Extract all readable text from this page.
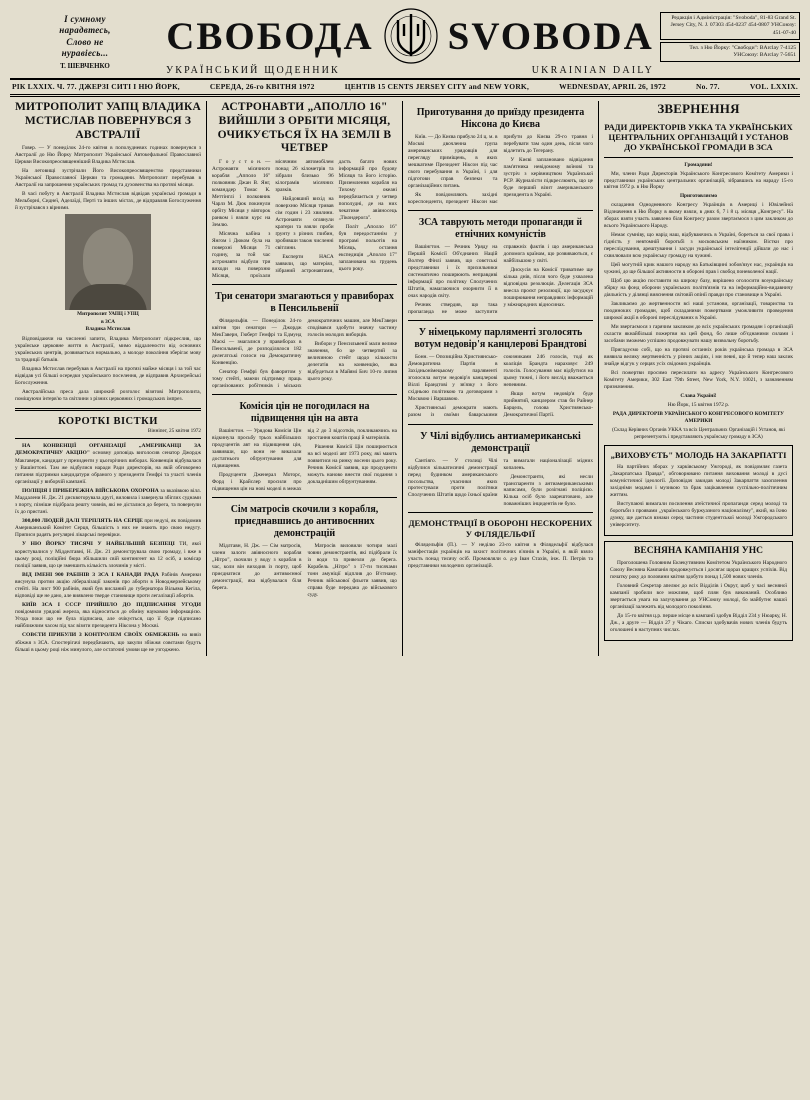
І сумному
нарадвтесь,
Слово не
нуравіесь...
Т. ШЕВЧЕНКО
СВОБОДА SVOBODA
УКРАЇНСЬКИЙ ЩОДЕННИК	UKRAINIAN DAILY
Редакція і Адміністрація: "Svoboda", 81-83 Grand St. Jersey City, N. J. 07303 454-0237 454-0807 УНСоюзу: 451-07-40
Тел. з Ню Йорку: "Свободи": BArclay 7-4125 УНСоюзу: BArclay 7-5651
РІК LXXIX. Ч. 77. ДЖЕРЗІ СИТІ І НЮ ЙОРК,	СЕРЕДА, 26-го КВІТНЯ 1972	ЦЕНТІВ 15 CENTS JERSEY CITY and NEW YORK,	WEDNESDAY, APRIL 26, 1972	No. 77.	VOL. LXXIX.
МИТРОПОЛИТ УАПЦ ВЛАДИКА МСТИСЛАВ ПОВЕРНУВСЯ З АВСТРАЛІЇ

Говер. — У понеділок 24-го квітня в пополудневих годинах повернувся з Австралії до Ню Йорку Митрополит Української Автокефальної Православної Церкви Високопреосвященніший Владика Мстислав.

На летовищі зустрічали Його Високопреосвященство представники Української Православної Церкви та громадяни. Митрополит перебував в Австралії на запрошення українських громад та духовенства на протязі місяця.

В часі побуту в Австралії Владика Мстислав відвідав українські громади в Мельборні, Сиднеї, Аделаїді, Перті та інших містах, де відправляв Богослуження й зустрічався з вірними.

Митрополит УАПЦ і УПЦ
в ЗСА
Владика Мстислав

Відповідаючи на численні запити, Владика Митрополит підкреслив, що українське церковне життя в Австралії, мимо віддалености від основних українських центрів, розвивається нормально, а молоде покоління зберігає мову та традиції батьків.

Владика Мстислав перебував в Австралії на протязі майже місяця і за той час відвідав усі більші осередки українського поселення, де відправив Архиєрейські Богослуження.

Австралійська преса дала широкий розголос візитові Митрополита, поміщуючи інтерв'ю та світлини з різних церковних і громадських імпрез.

КОРОТКІ ВІСТКИ
Вінніпег, 25 квітня 1972

НА КОНВЕНЦІЇ ОРГАНІЗАЦІЇ „АМЕРИКАНЦІ ЗА ДЕМОКРАТИЧНУ АКЦІЮ" основну доповідь виголосив сенатор Джордж Макгаверн, кандидат у президенти у цьогорічних виборах. Конвенція відбувалася у Вашінгтоні. Там же відбулися наради Ради директорів, на якій обговорено питання підтримки кандидатури обраного у президенти Гемфрі та участі членів організації у виборчій кампанії.

ПОЛІЦІЯ І ПРИБЕРЕЖНА ВІЙСЬКОВА ОХОРОНА за вказівкою вілл. Маддалени Н. Дж. 21 дисквоторувала другі, виловила і завернула збіглих суднами з порту, пізніше підібрала решту човнів, які не дісталися до берега, та повернули їх до пристані.

300,000 ЛЮДЕЙ ДАЛІ ТЕРПЛЯТЬ НА СЕРЦЕ при недузі, як повідомив Американський Комітет Серця, більшість з них не знають про свою недугу. Приписи радять регулярні лікарські перевірки.

У НЮ ЙОРКУ ТИСЯЧІ У НАЙБІЛЬШІЙ БЕЗПЕЦІ ТИ, якої користувалися у Мідделтавні, Н. Дж. 21 демонструвала свою громаду, і вже в цьому році, поліційні бюра збільшили свій контингент на 12 осіб, а комісар поліції заявив, що це зменшить кількість злочинів у місті.

ВІД ІМЕНІ 900 РАБІНІВ З ЗСА І КАНАДИ РАДА Рабінів Америки висунула протии акцію лібералізації законів про аборти в Новоджерзейському стейті. На лист 900 рабінів, який був висланий до губернатора Вільяма Кегіла, відповіді ще не дано, але виявлено тверде становище проти легалізації абортів.

КИЇВ ЗСА І СССР ПРИЙШЛО ДО ПІДПИСАННЯ УГОДИ повідомили урядові жерела, яка відноситься до обміну науковою інформацією. Угода поки що не була підписана, але очікується, що її буде підписано найближчим часом під час візити президента Ніксона у Москві.

СОВЄТИ ПРИБУЛИ З КОНТРОЛЕМ СВОЇХ ОБМЕЖЕНЬ на вивіз збіжжя з ЗСА. Спостерігачі передбачають, що закупи збіжжя совєтами будуть більші в цьому році ніж минулого, але остаточні умови ще не узгоджено.

АСТРОНАВТИ „АПОЛЛО 16" ВИЙШЛИ З ОРБІТИ МІСЯЦЯ, ОЧИКУЄТЬСЯ ЇХ НА ЗЕМЛІ В ЧЕТВЕР

Г о у с т о н. — Астронавти місячного корабля „Апполо 16" полковник Джан В. Янг, команддер Томас К. Меттінглі і полковник Чарлз М. Дюк покинули орбіту Місяця у вівторок ранком і взяли курс на Землю.

Місячна кабіна з Янгом і Дюком була на поверхні Місяця 71 годину, за той час астронавти відбули три виходи на поверхню Місяця, проїхали місячним автомобілем понад 26 кілометрів та зібрали близько 96 кілограмів місячних зразків.

Найдовший вихід на поверхню Місяця тривав сім годин і 23 хвилини. Астронавти оглянули кратери та взяли проби ґрунту з різних глибин, зробивши також численні світлини.

Експерти НАСА заявили, що матеріял, зібраний астронавтами, дасть багато нових інформацій про будову Місяця та його історію. Приземлення корабля на Тихому океані передбачається у четвер пополудні, де на них чекатиме авіяносець „Тікондерога".

Політ „Аполло 16" був передостаннім у програмі польотів на Місяць, остання експедиція „Аполло 17" запланована на грудень цього року.

Три сенатори змагаються у правиборах в Пенсильвенії

Філядельфія. — Понеділок 24-го квітня три сенатори — Джордж МекГаверн, Гюберт Гемфрі та Едмунд Маскі — змагалися у правиборах в Пенсильвенії, де розподілялося 182 делегатські голоси на Демократичну Конвенцію.

Сенатор Гемфрі був фаворитом у тому стейті, маючи підтримку праць організованих робітників і міських демократичних машин, але МекГаверн сподівався здобути значну частину голосів молодих виборців.

Вибори у Пенсильвенії мали велике значення, бо це четвертий за величиною стейт щодо кількости делегатів на конвенцію, яка відбудеться в Майямі Бич 10-го липня цього року.

Комісія цін не погодилася на підвищення цін на авта

Вашінгтон. — Урядова Комісія Цін відкинула просьбу трьох найбільших продуцентів авт на підвищення цін, заявивши, що вони не виказали достатнього обґрунтування для підвищення.

Продуценти Дженерал Моторс, Форд і Крайслер просили про підвищення цін на нові моделі в межах від 2 до 3 відсотків, покликаючись на зростання коштів праці й матеріялів.

Рішення Комісії Цін поширюється на всі моделі авт 1973 року, які мають появитися на ринку восени цього року. Речник Комісії заявив, що продуценти можуть наново внести свої подання з докладнішим обґрунтуванням.

Сім матросів скочили з корабля, приєднавшись до антивоєнних демонстрацій

Мідлтавн, Н. Дж. — Сім матросів, члени залоги авіяносного корабля „Нітро", скочили у воду з корабля в час, коли він виходив із порту, щоб приєднатися до антивоєнної демонстрації, яка відбувалася біля берега.

Матросів виловили чотири малі човни демонстрантів, які підібрали їх із води та привезли до берега. Корабель „Нітро" з 17-ти тисячами тонн амуніції відплив до В'єтнаму. Речник військової фльоти заявив, що справа буде передана до військового суду.

Приготування до приїзду президента Ніксона до Києва

Київ. — До Києва прибуло 24 ц. м. в Москві двочленна група американських урядовців для перегляду приміщень, в яких мешкатиме Президент Ніксон під час свого перебування в Україні, і для підготови справ безпеки та організаційних питань.

Як повідомляють західні кореспонденти, президент Ніксон має прибути до Києва 29-го травня і перебувати там один день, після чого відлетить до Тегерану.

У Києві заплановано відвідання пам'ятника невідомому воїнові та зустріч з керівництвом Української РСР. Журналісти підкреслюють, що це буде перший візит американського президента в Україні.

ЗСА таврують методи пропаганди й етнічних комуністів

Вашінгтон. — Речник Уряду на Першій Комісії Об'єднаних Націй Волтер Фінлі заявив, що совєтські представники і їх прихильники систематично поширюють неправдиві інформації про політику Сполучених Штатів, намагаючися очорнити її в очах народів світу.

Речник ствердив, що така пропаганда не може заступити справжніх фактів і що американська допомога країнам, що розвиваються, є найбільшою у світі.

Дискусія на Комісії триватиме ще кілька днів, після чого буде ухвалена відповідна резолюція. Делегація ЗСА внесла проєкт резолюції, що засуджує поширювання неправдивих інформацій у міжнародних відносинах.

У німецькому парляменті зголосять вотум недовір'я канцлерові Брандтові

Бонн. — Опозиційна Християнсько-Демократична Партія в Західньонімецькому парляменті зголосила вотум недовір'я канцлерові Віллі Брандтові у зв'язку з його східньою політикою та договорами з Москвою і Варшавою.

Християнські демократи мають разом із своїми баварськими союзниками 246 голосів, тоді як коаліція Брандта нараховує 249 голосів. Голосування має відбутися на цьому тижні, і його вислід вважається непевним.

Якщо вотум недовір'я буде прийнятий, канцлером став би Райнер Барцель, голова Християнсько-Демократичної Партії.

У Чілі відбулись антиамериканські демонстрації

Сантіяго. — У столиці Чілі відбулися кількатисячні демонстрації перед будинком американського посольства, учасники яких протестували проти політики Сполучених Штатів щодо їхньої країни та вимагали націоналізації мідних копалень.

Демонстранти, які несли транспаренти з антиамериканськими написами, були розігнані поліцією. Кілька осіб було заарештовано, але поважніших інцидентів не було.

ДЕМОНСТРАЦІЇ В ОБОРОНІ НЕСКОРЕНИХ У ФІЛЯДЕЛЬФІЇ

Філядельфія (П.). — У неділю 23-го квітня в Філядельфії відбулася маніфестація українців на захист політичних в'язнів в Україні, в якій взяло участь понад тисячу осіб. Промовляли о. д-р Іван Стахів, інж. П. Петрів та представники молодечих організацій.

ЗВЕРНЕННЯ
РАДИ ДИРЕКТОРІВ УККА ТА УКРАЇНСЬКИХ ЦЕНТРАЛЬНИХ ОРГАНІЗАЦІЙ І УСТАНОВ ДО УКРАЇНСЬКОЇ ГРОМАДИ В ЗСА

Громадяни!

Ми, члени Ради Директорів Українського Конгресового Комітету Америки і представники українських центральних організацій, зібравшись на нараду 15-го квітня 1972 р. в Ню Йорку

Приготовляємо

складання Однодневного Конгресу Українців в Америці і Ювілейної Відзначення в Ню Йорку в якому взяли, в днях 6, 7 і 8 ц. місяця „Конгресу". На зборах взяти участь заявлено біля Конгресу разом звертаємося з цим закликом до всього Українського Народу.

Немає сумніву, що нарід наш, відбуваючись в Україні, бореться за свої права і гідність у невтомній боротьбі з московським наїзником. Вістки про переслідування, арештування і засуди української інтелігенції дійшли до нас і схвилювали всю українську громаду на чужині.

Цей могутній крик нашого народу на Батьківщині зобов'язує нас, українців на чужині, до ще більшої активности в обороні прав і свобод поневоленої нації.

Щоб цю акцію поставити на широку базу, вирішено оголосити всеукраїнську збірку на фонд оборони українських політв'язнів та на інформаційно-видавничу діяльність у ділянці вияснення світовій опінії правди про становище в Україні.

Закликаємо до жертвенности всі наші установи, організації, товариства та поодиноких громадян, щоб складаними пожертвами уможливити проведення широкої акції в обороні переслідуваних в Україні.

Ми звертаємося з гарячим закликом до всіх українських громадян і організацій скласти якнайбільші пожертви на цей фонд, бо лише об'єднаними силами і засобами зможемо успішно продовжувати нашу визвольну боротьбу.

Пригадуємо собі, що на протязі останніх років українська громада в ЗСА виявила велику жертвенність у різних акціях, і ми певні, що й тепер наш заклик знайде відгук у серцях усіх свідомих українців.

Всі пожертви просимо пересилати на адресу Українського Конгресового Комітету Америки, 302 East 79th Street, New York, N.Y. 10021, з зазначенням призначення.

Слава Україні!

Ню Йорк, 15 квітня 1972 р.

РАДА ДИРЕКТОРІВ УКРАЇНСЬКОГО КОНГРЕСОВОГО КОМІТЕТУ АМЕРИКИ

(Склад Керівних Органів УККА та всіх Центральних Організацій і Установ, які репрезентують і представляють українську громаду в ЗСА)

„ВИХОВУЄТЬ" МОЛОДЬ НА ЗАКАРПАТТІ

На партійних зборах у харківському Ужгороді, як повідомляє газета „Закарпатська Правда", обговорювано питання виховання молоді в дусі комуністичної ідеології. Доповідач закидав молоді Закарпаття захоплення західніми модами і музикою та брак зацікавлення суспільно-політичним життям.

Виступаючі вимагали посилення атеїстичної пропаганди серед молоді та боротьби з проявами „українського буржуазного націоналізму", який, на їхню думку, ще дається взнаки серед частини студентської молоді Ужгородського університету.

ВЕСНЯНА КАМПАНІЯ УНС

Проголошена Головним Екзекутивним Комітетом Українського Народного Союзу Весняна Кампанія продовжується і досягає щораз кращих успіхів. Від початку року до половини квітня здобуто понад 1,500 нових членів.

Головний Секретар апелює до всіх Відділів і Округ, щоб у часі весняної кампанії зробили все можливе, щоб плян був виконаний. Особливо звертається увага на залучування до УНСоюзу молоді, бо майбутнє нашої організації залежить від молодого покоління.

До 15-го квітня ц.р. перше місце в кампанії здобув Відділ 234 у Нюарку, Н. Дж., а друге — Відділ 27 у Чікаґо. Списки здобувачів нових членів будуть оголошені в наступних числах.
